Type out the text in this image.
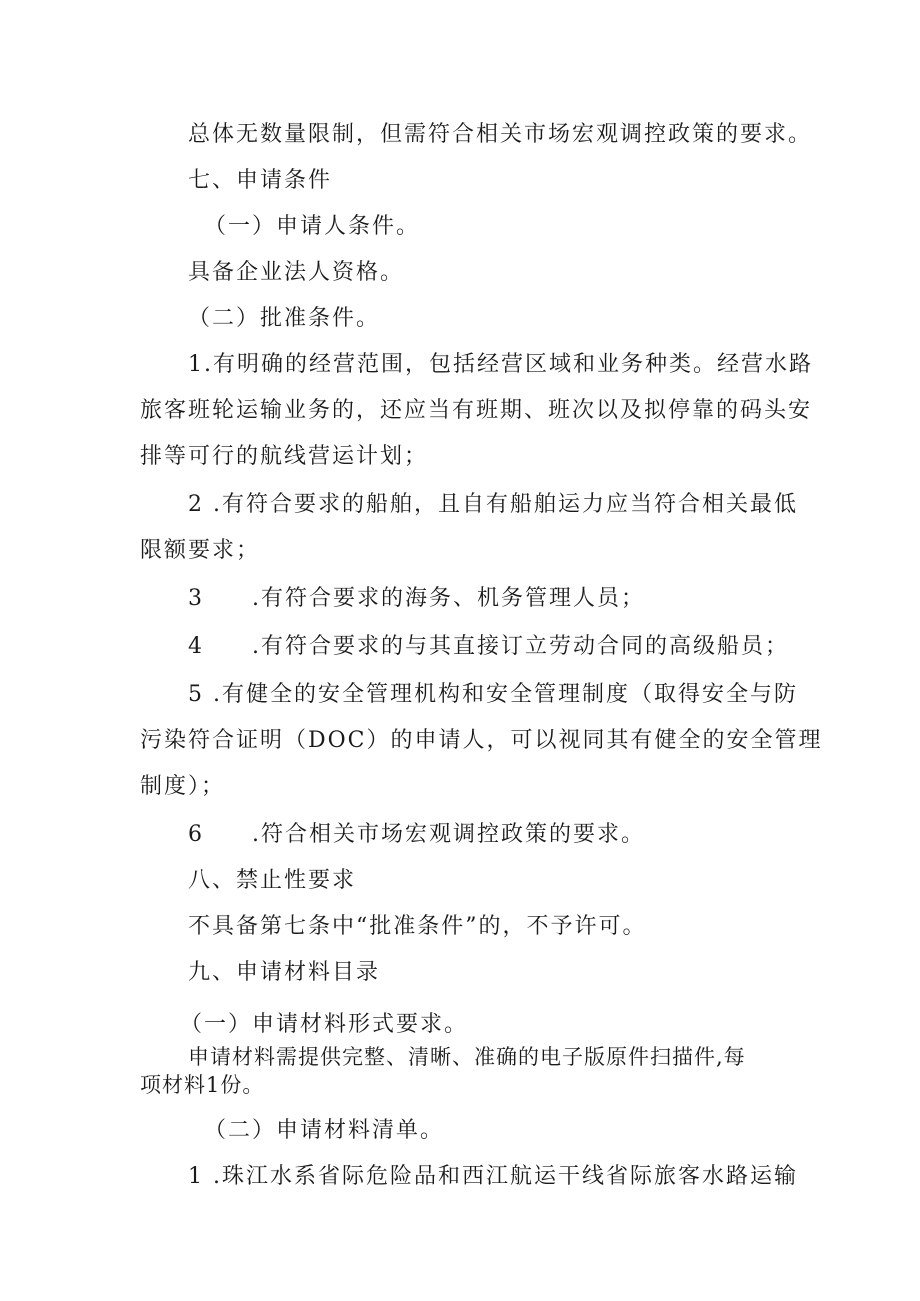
总体无数量限制，但需符合相关市场宏观调控政策的要求。
七、申请条件
（一）申请人条件。
具备企业法人资格。
（二）批准条件。
1.有明确的经营范围，包括经营区域和业务种类。经营水路
旅客班轮运输业务的，还应当有班期、班次以及拟停靠的码头安
排等可行的航线营运计划；
2 .有符合要求的船舶，且自有船舶运力应当符合相关最低
限额要求；
3　　.有符合要求的海务、机务管理人员；
4　　.有符合要求的与其直接订立劳动合同的高级船员；
5 .有健全的安全管理机构和安全管理制度（取得安全与防
污染符合证明（DOC）的申请人，可以视同其有健全的安全管理
制度）；
6　　.符合相关市场宏观调控政策的要求。
八、禁止性要求
不具备第七条中“批准条件”的，不予许可。
九、申请材料目录
（一）申请材料形式要求。
申请材料需提供完整、清晰、准确的电子版原件扫描件,每
项材料1份。
（二）申请材料清单。
1 .珠江水系省际危险品和西江航运干线省际旅客水路运输
